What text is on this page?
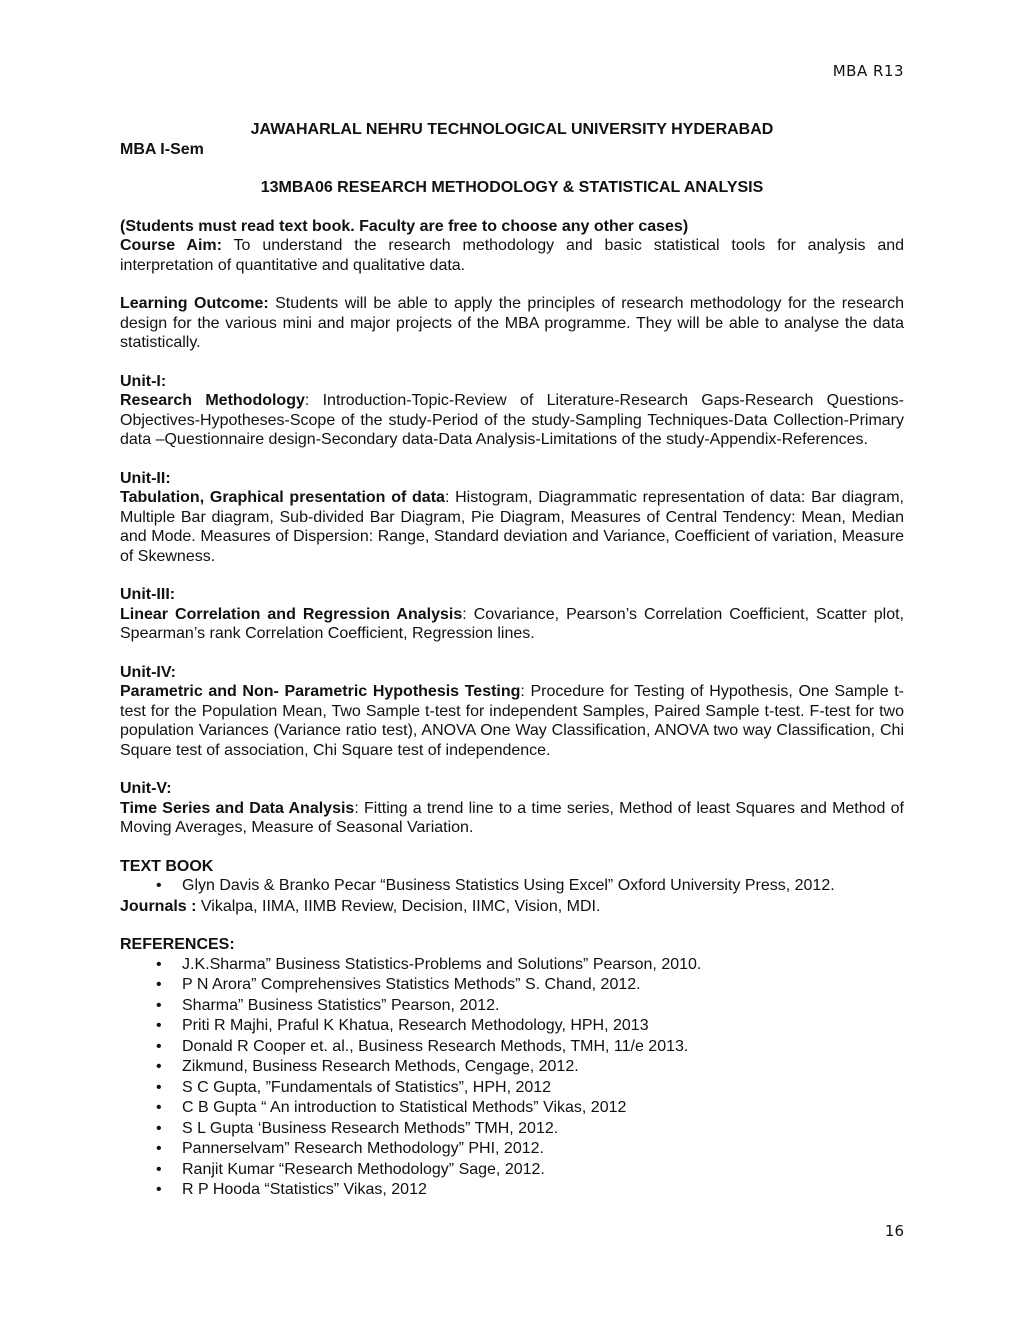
MBA R13

JAWAHARLAL NEHRU TECHNOLOGICAL UNIVERSITY HYDERABAD

MBA I-Sem

13MBA06 RESEARCH METHODOLOGY & STATISTICAL ANALYSIS

(Students must read text book. Faculty are free to choose any other cases)

Course Aim: To understand the research methodology and basic statistical tools for analysis and interpretation of quantitative and qualitative data.

Learning Outcome: Students will be able to apply the principles of research methodology for the research design for the various mini and major projects of the MBA programme. They will be able to analyse the data statistically.

Unit-I:

Research Methodology: Introduction-Topic-Review of Literature-Research Gaps-Research Questions-Objectives-Hypotheses-Scope of the study-Period of the study-Sampling Techniques-Data Collection-Primary data –Questionnaire design-Secondary data-Data Analysis-Limitations of the study-Appendix-References.

Unit-II:

Tabulation, Graphical presentation of data: Histogram, Diagrammatic representation of data: Bar diagram, Multiple Bar diagram, Sub-divided Bar Diagram, Pie Diagram, Measures of Central Tendency: Mean, Median and Mode. Measures of Dispersion: Range, Standard deviation and Variance, Coefficient of variation, Measure of Skewness.

Unit-III:

Linear Correlation and Regression Analysis: Covariance, Pearson’s Correlation Coefficient, Scatter plot, Spearman’s rank Correlation Coefficient, Regression lines.

Unit-IV:

Parametric and Non- Parametric Hypothesis Testing: Procedure for Testing of Hypothesis, One Sample t-test for the Population Mean, Two Sample t-test for independent Samples, Paired Sample t-test. F-test for two population Variances (Variance ratio test), ANOVA One Way Classification, ANOVA two way Classification, Chi Square test of association, Chi Square test of independence.

Unit-V:

Time Series and Data Analysis: Fitting a trend line to a time series, Method of least Squares and Method of Moving Averages, Measure of Seasonal Variation.

TEXT BOOK

• Glyn Davis & Branko Pecar “Business Statistics Using Excel” Oxford University Press, 2012.

Journals : Vikalpa, IIMA, IIMB Review, Decision, IIMC, Vision, MDI.

REFERENCES:

• J.K.Sharma” Business Statistics-Problems and Solutions” Pearson, 2010.
• P N Arora” Comprehensives Statistics Methods” S. Chand, 2012.
• Sharma” Business Statistics” Pearson, 2012.
• Priti R Majhi, Praful K Khatua, Research Methodology, HPH, 2013
• Donald R Cooper et. al., Business Research Methods, TMH, 11/e 2013.
• Zikmund, Business Research Methods, Cengage, 2012.
• S C Gupta, ”Fundamentals of Statistics”, HPH, 2012
• C B Gupta “ An introduction to Statistical Methods” Vikas, 2012
• S L Gupta ‘Business Research Methods” TMH, 2012.
• Pannerselvam” Research Methodology” PHI, 2012.
• Ranjit Kumar “Research Methodology” Sage, 2012.
• R P Hooda “Statistics” Vikas, 2012
16
